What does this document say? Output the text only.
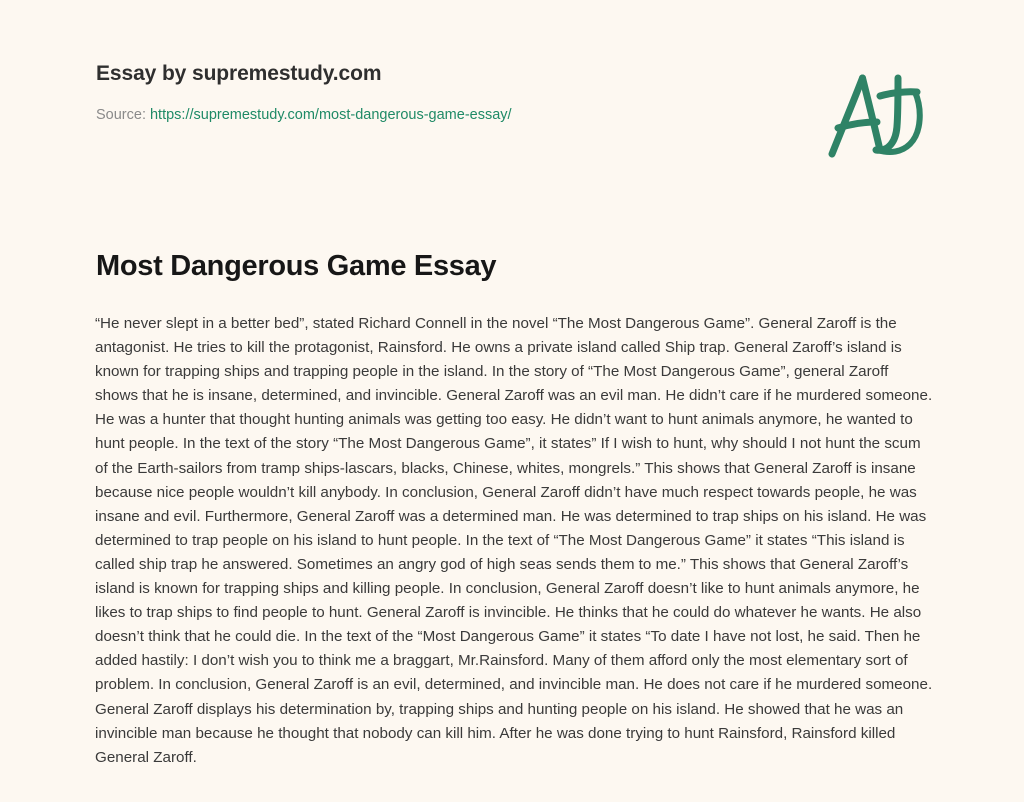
Essay by supremestudy.com
Source: https://supremestudy.com/most-dangerous-game-essay/
Most Dangerous Game Essay

“He never slept in a better bed”, stated Richard Connell in the novel “The Most Dangerous Game”. General Zaroff is the antagonist. He tries to kill the protagonist, Rainsford. He owns a private island called Ship trap. General Zaroff’s island is known for trapping ships and trapping people in the island. In the story of “The Most Dangerous Game”, general Zaroff shows that he is insane, determined, and invincible. General Zaroff was an evil man. He didn’t care if he murdered someone. He was a hunter that thought hunting animals was getting too easy. He didn’t want to hunt animals anymore, he wanted to hunt people. In the text of the story “The Most Dangerous Game”, it states” If I wish to hunt, why should I not hunt the scum of the Earth-sailors from tramp ships-lascars, blacks, Chinese, whites, mongrels.” This shows that General Zaroff is insane because nice people wouldn’t kill anybody. In conclusion, General Zaroff didn’t have much respect towards people, he was insane and evil. Furthermore, General Zaroff was a determined man. He was determined to trap ships on his island. He was determined to trap people on his island to hunt people. In the text of “The Most Dangerous Game” it states “This island is called ship trap he answered. Sometimes an angry god of high seas sends them to me.” This shows that General Zaroff’s island is known for trapping ships and killing people. In conclusion, General Zaroff doesn’t like to hunt animals anymore, he likes to trap ships to find people to hunt. General Zaroff is invincible. He thinks that he could do whatever he wants. He also doesn’t think that he could die. In the text of the “Most Dangerous Game” it states “To date I have not lost, he said. Then he added hastily: I don’t wish you to think me a braggart, Mr.Rainsford. Many of them afford only the most elementary sort of problem. In conclusion, General Zaroff is an evil, determined, and invincible man. He does not care if he murdered someone. General Zaroff displays his determination by, trapping ships and hunting people on his island. He showed that he was an invincible man because he thought that nobody can kill him. After he was done trying to hunt Rainsford, Rainsford killed General Zaroff.
